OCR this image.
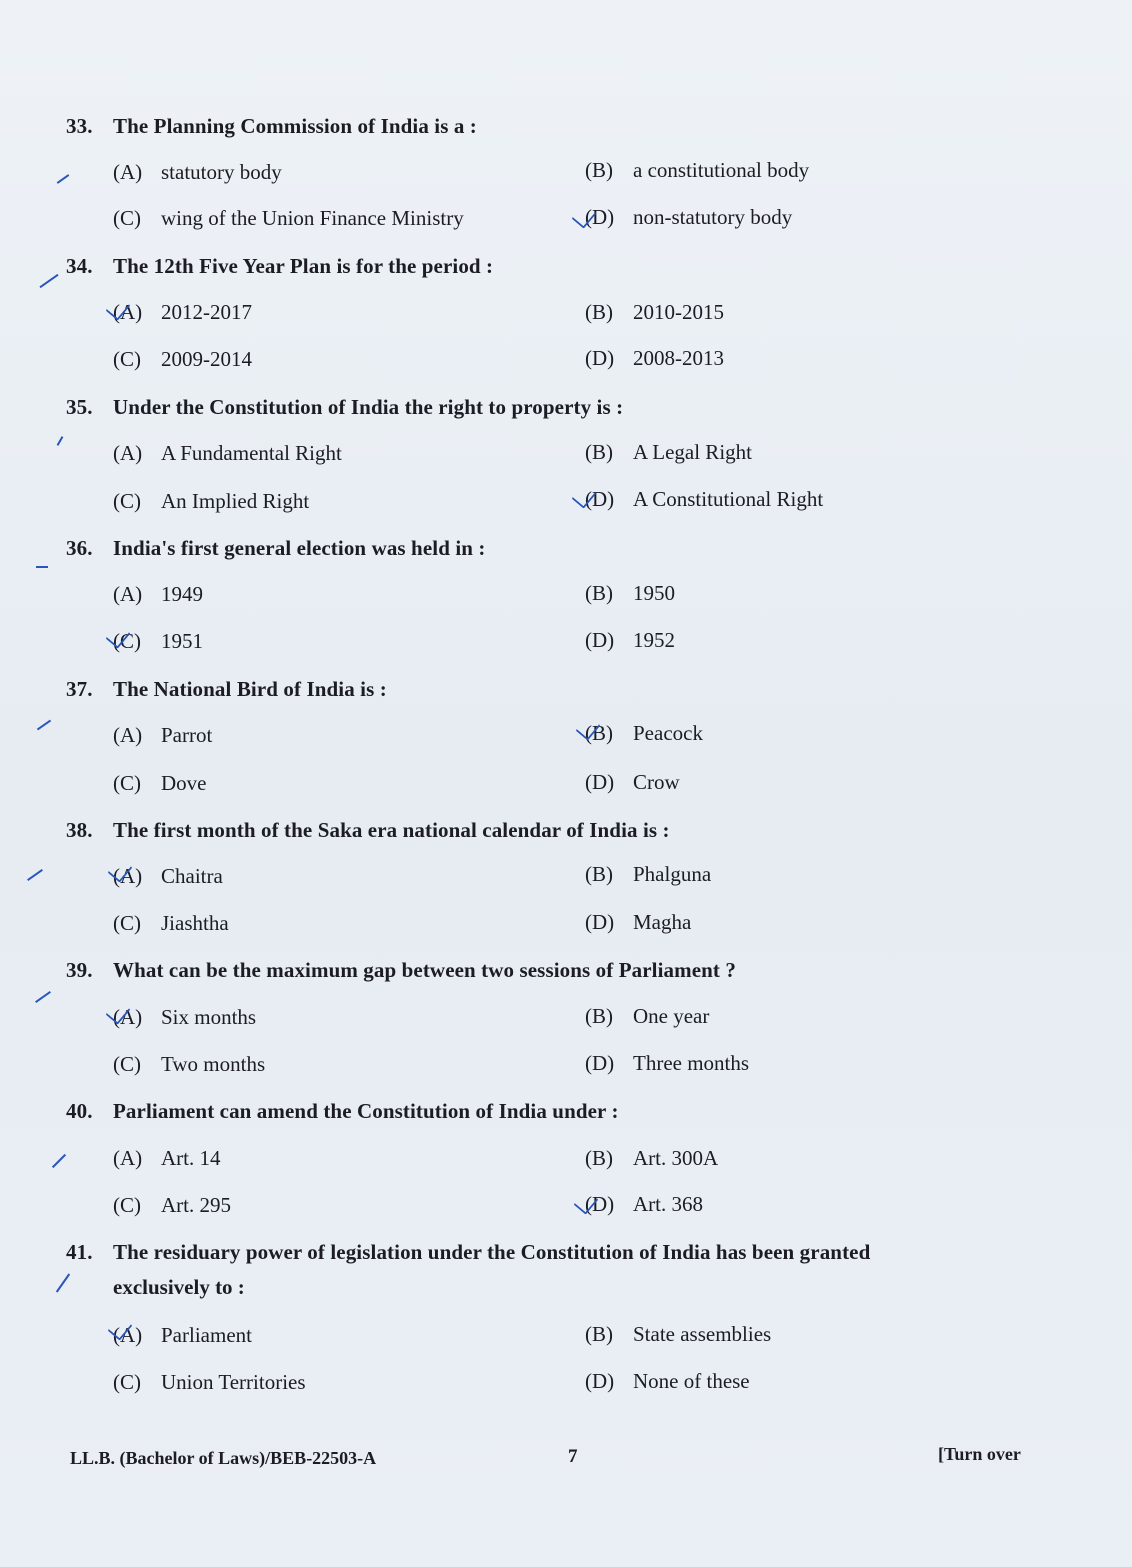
33. The Planning Commission of India is a :
(A) statutory body	(B) a constitutional body
(C) wing of the Union Finance Ministry	(D) non-statutory body
34. The 12th Five Year Plan is for the period :
(A) 2012-2017	(B) 2010-2015
(C) 2009-2014	(D) 2008-2013
35. Under the Constitution of India the right to property is :
(A) A Fundamental Right	(B) A Legal Right
(C) An Implied Right	(D) A Constitutional Right
36. India's first general election was held in :
(A) 1949	(B) 1950
(C) 1951	(D) 1952
37. The National Bird of India is :
(A) Parrot	(B) Peacock
(C) Dove	(D) Crow
38. The first month of the Saka era national calendar of India is :
(A) Chaitra	(B) Phalguna
(C) Jiashtha	(D) Magha
39. What can be the maximum gap between two sessions of Parliament ?
(A) Six months	(B) One year
(C) Two months	(D) Three months
40. Parliament can amend the Constitution of India under :
(A) Art. 14	(B) Art. 300A
(C) Art. 295	(D) Art. 368
41. The residuary power of legislation under the Constitution of India has been granted
exclusively to :
(A) Parliament	(B) State assemblies
(C) Union Territories	(D) None of these
LL.B. (Bachelor of Laws)/BEB-22503-A	7	[Turn over
